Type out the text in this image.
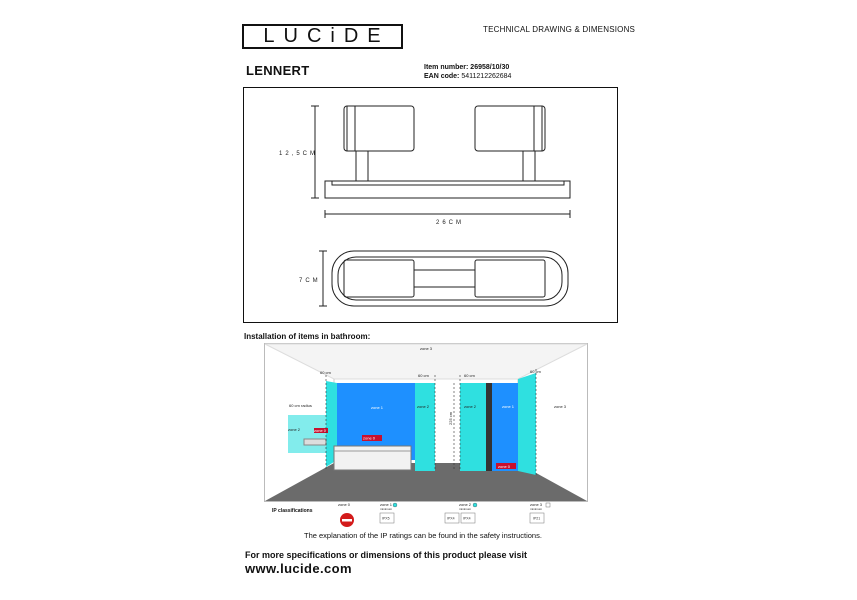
LUCiDE	TECHNICAL DRAWING & DIMENSIONS
LENNERT	Item number: 26958/10/30
EAN code: 5411212262684
12,5CM
26CM
7CM
Installation of items in bathroom:
zone 3
60 cm
60 cm	60 cm
60 cm
60 cm radius
225 cm
zone 1	zone 2
zone 2
zone 0
zone 0
zone 2	zone 1	zone 3
zone 0
IP classifications
zone 0	zone 1
minimum
zone 2
minimum
zone 3
minimum
IPX5	IPX4 IPX4	IP21
The explanation of the IP ratings can be found in the safety instructions.
For more specifications or dimensions of this product please visit
www.lucide.com
